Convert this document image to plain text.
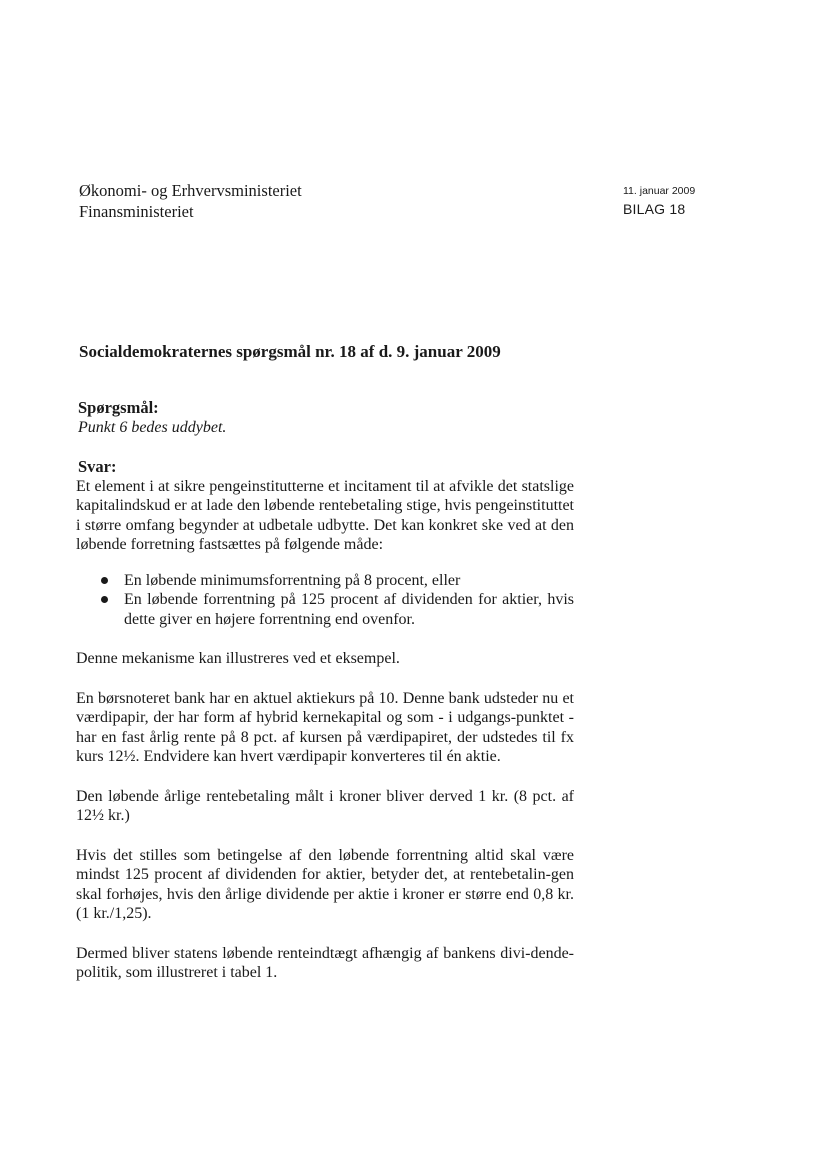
Økonomi- og Erhvervsministeriet
Finansministeriet
11. januar 2009
BILAG 18
Socialdemokraternes spørgsmål nr. 18 af d. 9. januar 2009

Spørgsmål:

Punkt 6 bedes uddybet.

Svar:

Et element i at sikre pengeinstitutterne et incitament til at afvikle det statslige kapitalindskud er at lade den løbende rentebetaling stige, hvis pengeinstituttet i større omfang begynder at udbetale udbytte. Det kan konkret ske ved at den løbende forretning fastsættes på følgende måde:

En løbende minimumsforrentning på 8 procent, eller
En løbende forrentning på 125 procent af dividenden for aktier, hvis dette giver en højere forrentning end ovenfor.

Denne mekanisme kan illustreres ved et eksempel.

En børsnoteret bank har en aktuel aktiekurs på 10. Denne bank udsteder nu et værdipapir, der har form af hybrid kernekapital og som - i udgangs-punktet - har en fast årlig rente på 8 pct. af kursen på værdipapiret, der udstedes til fx kurs 12½. Endvidere kan hvert værdipapir konverteres til én aktie.

Den løbende årlige rentebetaling målt i kroner bliver derved 1 kr. (8 pct. af 12½ kr.)

Hvis det stilles som betingelse af den løbende forrentning altid skal være mindst 125 procent af dividenden for aktier, betyder det, at rentebetalin-gen skal forhøjes, hvis den årlige dividende per aktie i kroner er større end 0,8 kr. (1 kr./1,25).

Dermed bliver statens løbende renteindtægt afhængig af bankens divi-dende-politik, som illustreret i tabel 1.
